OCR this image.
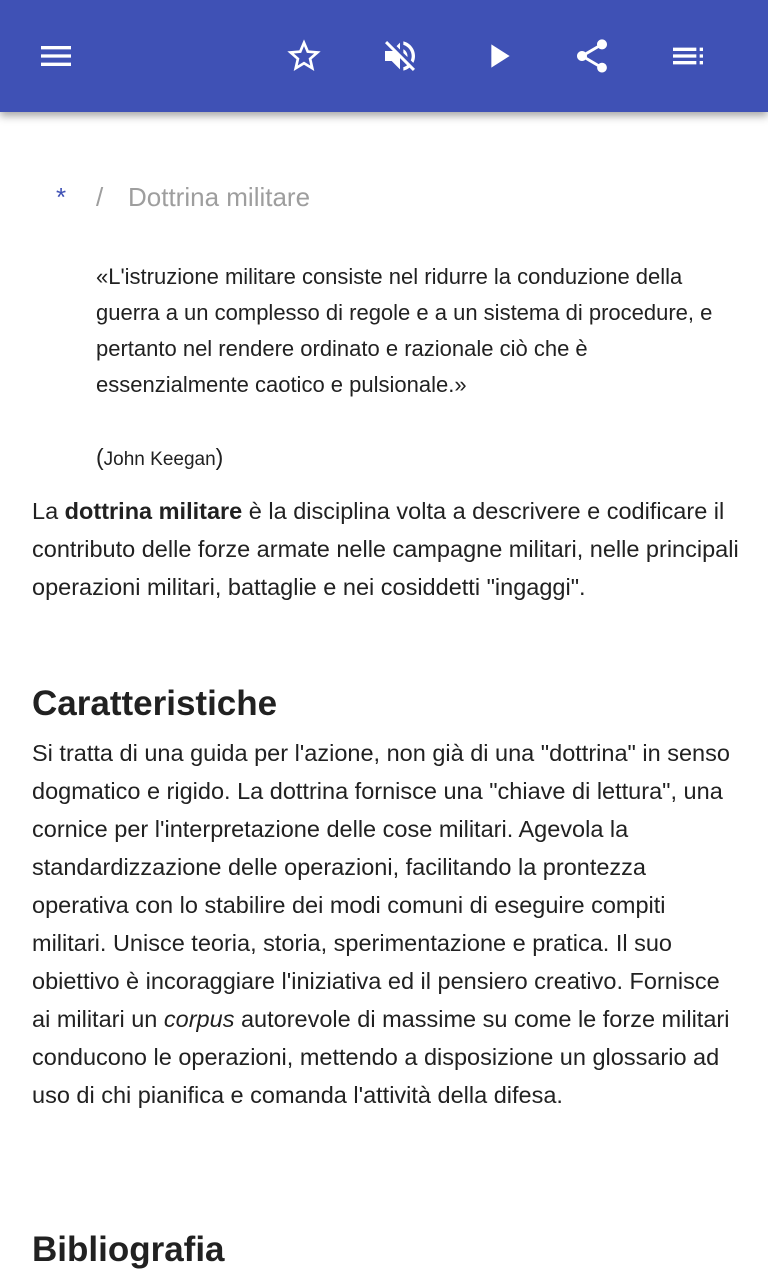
*	/ Dottrina militare
«L'istruzione militare consiste nel ridurre la conduzione della guerra a un complesso di regole e a un sistema di procedure, e pertanto nel rendere ordinato e razionale ciò che è essenzialmente caotico e pulsionale.»
(John Keegan)

La dottrina militare è la disciplina volta a descrivere e codificare il contributo delle forze armate nelle campagne militari, nelle principali operazioni militari, battaglie e nei cosiddetti "ingaggi".

Caratteristiche

Si tratta di una guida per l'azione, non già di una "dottrina" in senso dogmatico e rigido. La dottrina fornisce una "chiave di lettura", una cornice per l'interpretazione delle cose militari. Agevola la standardizzazione delle operazioni, facilitando la prontezza operativa con lo stabilire dei modi comuni di eseguire compiti militari. Unisce teoria, storia, sperimentazione e pratica. Il suo obiettivo è incoraggiare l'iniziativa ed il pensiero creativo. Fornisce ai militari un corpus autorevole di massime su come le forze militari conducono le operazioni, mettendo a disposizione un glossario ad uso di chi pianifica e comanda l'attività della difesa.

Bibliografia
